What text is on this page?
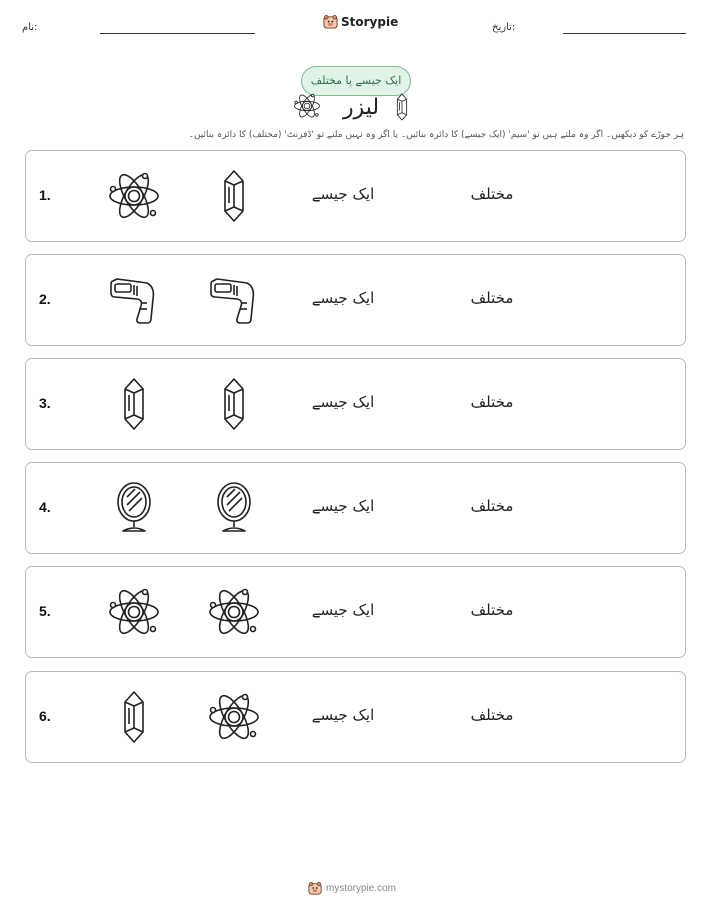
نام:	Storypie	تاریخ:
ایک جیسے یا مختلف
لیزر
ہر جوڑے کو دیکھیں۔ اگر وہ ملتے ہیں تو 'سیم' (ایک جیسے) کا دائرہ بنائیں۔ یا اگر وہ نہیں ملتے تو 'ڈفرنٹ' (مختلف) کا دائرہ بنائیں۔
1.	ایک جیسے	مختلف
2.	ایک جیسے	مختلف
3.	ایک جیسے	مختلف
4.	ایک جیسے	مختلف
5.	ایک جیسے	مختلف
6.	ایک جیسے	مختلف
mystorypie.com
